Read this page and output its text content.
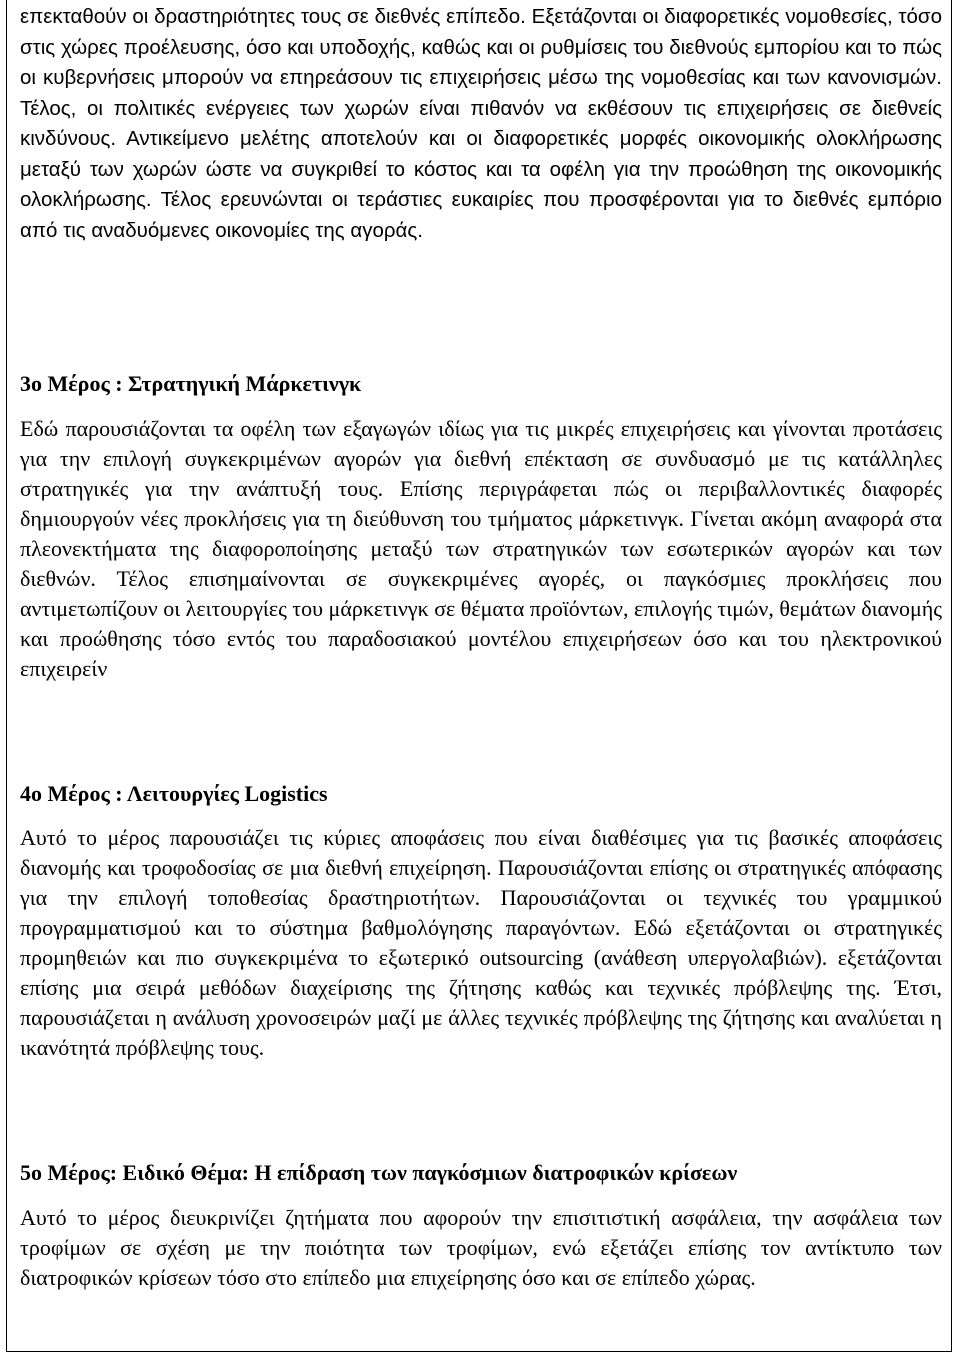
επεκταθούν οι δραστηριότητες τους σε διεθνές επίπεδο. Εξετάζονται οι διαφορετικές νομοθεσίες, τόσο στις χώρες προέλευσης, όσο και υποδοχής, καθώς και οι ρυθμίσεις του διεθνούς εμπορίου και το πώς οι κυβερνήσεις μπορούν να επηρεάσουν τις επιχειρήσεις μέσω της νομοθεσίας και των κανονισμών. Τέλος, οι πολιτικές ενέργειες των χωρών είναι πιθανόν να εκθέσουν τις επιχειρήσεις σε διεθνείς κινδύνους. Αντικείμενο μελέτης αποτελούν και οι διαφορετικές μορφές οικονομικής ολοκλήρωσης μεταξύ των χωρών ώστε να συγκριθεί το κόστος και τα οφέλη για την προώθηση της οικονομικής ολοκλήρωσης. Τέλος ερευνώνται οι τεράστιες ευκαιρίες που προσφέρονται για το διεθνές εμπόριο από τις αναδυόμενες οικονομίες της αγοράς.

3ο Μέρος : Στρατηγική Μάρκετινγκ

Εδώ παρουσιάζονται τα οφέλη των εξαγωγών ιδίως για τις μικρές επιχειρήσεις και γίνονται προτάσεις για την επιλογή συγκεκριμένων αγορών για διεθνή επέκταση σε συνδυασμό με τις κατάλληλες στρατηγικές για την ανάπτυξή τους. Επίσης περιγράφεται πώς οι περιβαλλοντικές διαφορές δημιουργούν νέες προκλήσεις για τη διεύθυνση του τμήματος μάρκετινγκ. Γίνεται ακόμη αναφορά στα πλεονεκτήματα της διαφοροποίησης μεταξύ των στρατηγικών των εσωτερικών αγορών και των διεθνών. Τέλος επισημαίνονται σε συγκεκριμένες αγορές, οι παγκόσμιες προκλήσεις που αντιμετωπίζουν οι λειτουργίες του μάρκετινγκ σε θέματα προϊόντων, επιλογής τιμών, θεμάτων διανομής και προώθησης τόσο εντός του παραδοσιακού μοντέλου επιχειρήσεων όσο και του ηλεκτρονικού επιχειρείν

4ο Μέρος : Λειτουργίες Logistics

Αυτό το μέρος παρουσιάζει τις κύριες αποφάσεις που είναι διαθέσιμες για τις βασικές αποφάσεις διανομής και τροφοδοσίας σε μια διεθνή επιχείρηση. Παρουσιάζονται επίσης οι στρατηγικές απόφασης για την επιλογή τοποθεσίας δραστηριοτήτων. Παρουσιάζονται οι τεχνικές του γραμμικού προγραμματισμού και το σύστημα βαθμολόγησης παραγόντων. Εδώ εξετάζονται οι στρατηγικές προμηθειών και πιο συγκεκριμένα το εξωτερικό outsourcing (ανάθεση υπεργολαβιών). εξετάζονται επίσης μια σειρά μεθόδων διαχείρισης της ζήτησης καθώς και τεχνικές πρόβλεψης της. Έτσι, παρουσιάζεται η ανάλυση χρονοσειρών μαζί με άλλες τεχνικές πρόβλεψης της ζήτησης και αναλύεται η ικανότητά πρόβλεψης τους.

5ο Μέρος: Ειδικό Θέμα: Η επίδραση των παγκόσμιων διατροφικών κρίσεων

Αυτό το μέρος διευκρινίζει ζητήματα που αφορούν την επισιτιστική ασφάλεια, την ασφάλεια των τροφίμων σε σχέση με την ποιότητα των τροφίμων, ενώ εξετάζει επίσης τον αντίκτυπο των διατροφικών κρίσεων τόσο στο επίπεδο μια επιχείρησης όσο και σε επίπεδο χώρας.
